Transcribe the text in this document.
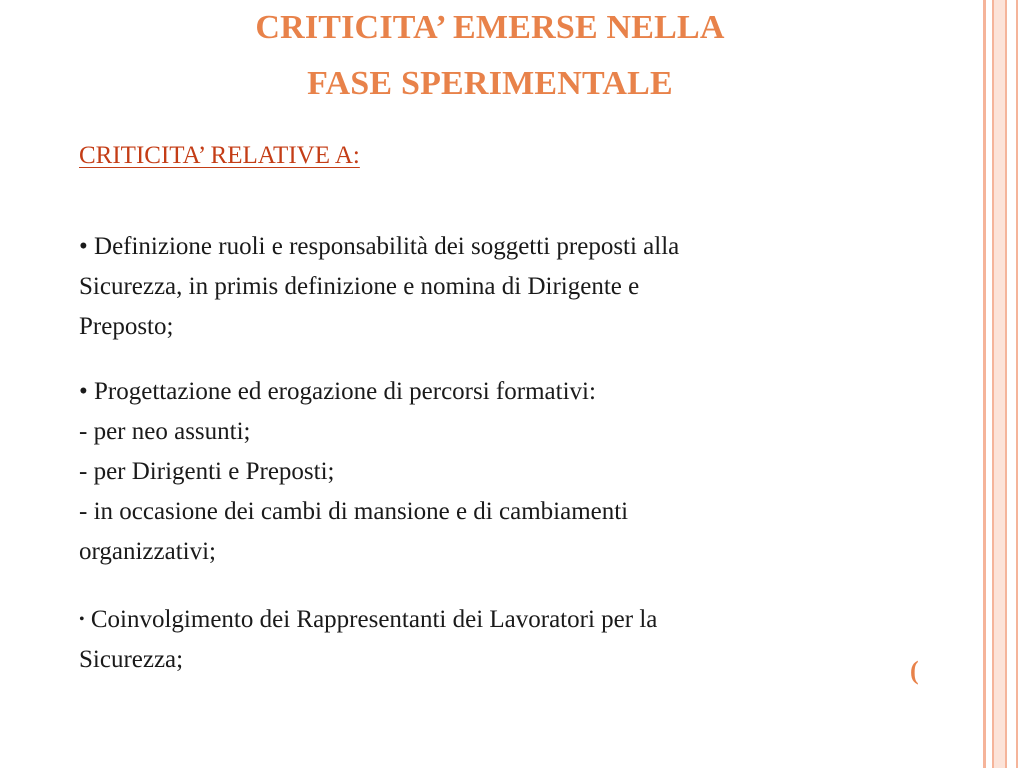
CRITICITA’ EMERSE NELLA
FASE SPERIMENTALE
CRITICITA’ RELATIVE A:
• Definizione ruoli e responsabilità dei soggetti preposti alla
Sicurezza, in primis definizione e nomina di Dirigente e
Preposto;
• Progettazione ed erogazione di percorsi formativi:
- per neo assunti;
- per Dirigenti e Preposti;
- in occasione dei cambi di mansione e di cambiamenti
organizzativi;
• Coinvolgimento dei Rappresentanti dei Lavoratori per la
Sicurezza;	(
